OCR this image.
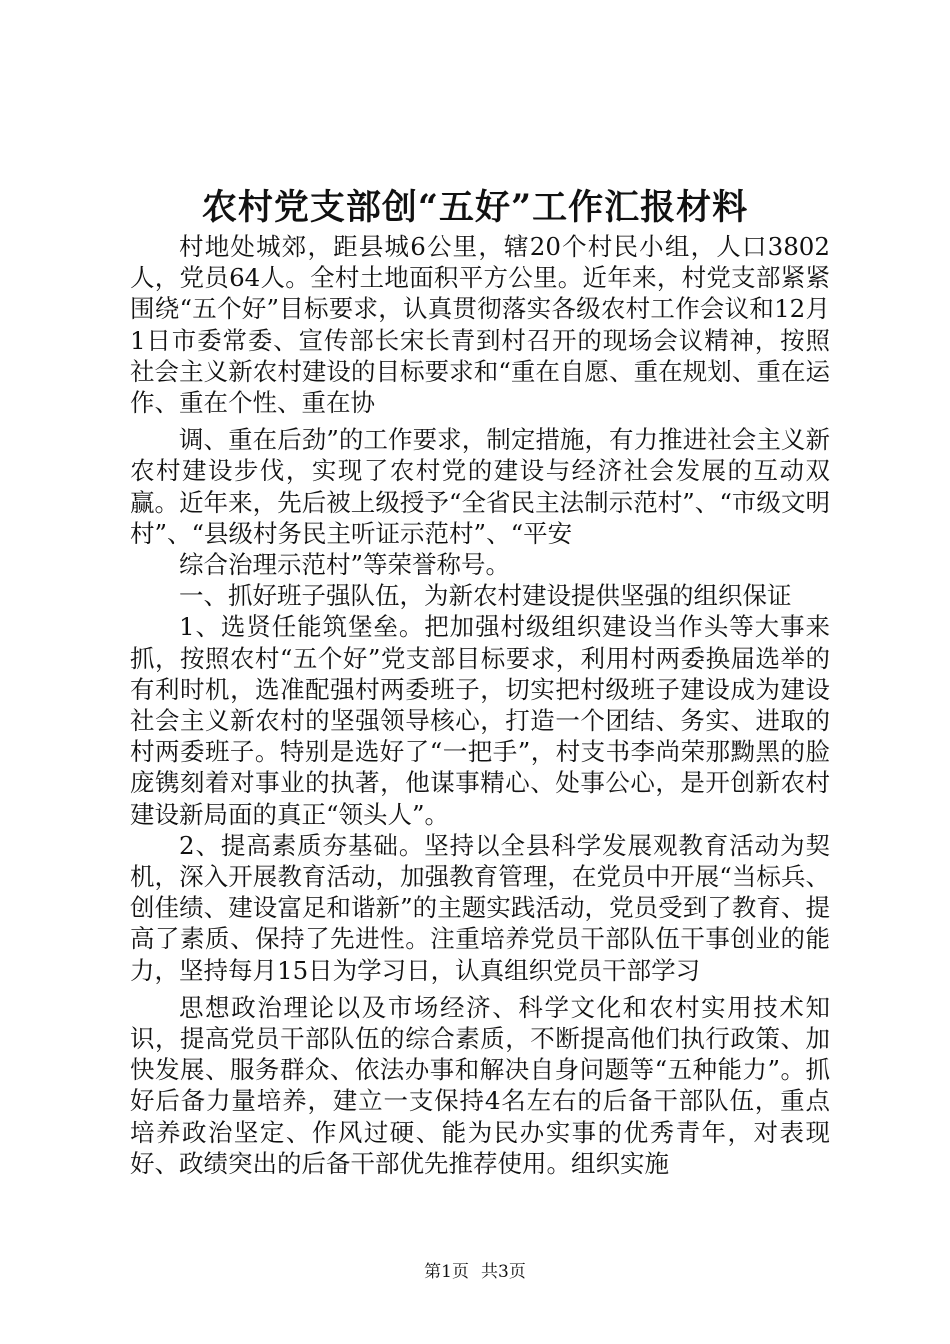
农村党支部创“五好”工作汇报材料

村地处城郊，距县城6公里，辖20个村民小组，人口3802人，党员64人。全村土地面积平方公里。近年来，村党支部紧紧围绕“五个好”目标要求，认真贯彻落实各级农村工作会议和12月1日市委常委、宣传部长宋长青到村召开的现场会议精神，按照社会主义新农村建设的目标要求和“重在自愿、重在规划、重在运作、重在个性、重在协

调、重在后劲”的工作要求，制定措施，有力推进社会主义新农村建设步伐，实现了农村党的建设与经济社会发展的互动双赢。近年来，先后被上级授予“全省民主法制示范村”、“市级文明村”、“县级村务民主听证示范村”、“平安

综合治理示范村”等荣誉称号。

一、抓好班子强队伍，为新农村建设提供坚强的组织保证

1、选贤任能筑堡垒。把加强村级组织建设当作头等大事来抓，按照农村“五个好”党支部目标要求，利用村两委换届选举的有利时机，选准配强村两委班子，切实把村级班子建设成为建设社会主义新农村的坚强领导核心，打造一个团结、务实、进取的村两委班子。特别是选好了“一把手”，村支书李尚荣那黝黑的脸庞镌刻着对事业的执著，他谋事精心、处事公心，是开创新农村建设新局面的真正“领头人”。

2、提高素质夯基础。坚持以全县科学发展观教育活动为契机，深入开展教育活动，加强教育管理，在党员中开展“当标兵、创佳绩、建设富足和谐新”的主题实践活动，党员受到了教育、提高了素质、保持了先进性。注重培养党员干部队伍干事创业的能力，坚持每月15日为学习日，认真组织党员干部学习

思想政治理论以及市场经济、科学文化和农村实用技术知识，提高党员干部队伍的综合素质，不断提高他们执行政策、加快发展、服务群众、依法办事和解决自身问题等“五种能力”。抓好后备力量培养，建立一支保持4名左右的后备干部队伍，重点培养政治坚定、作风过硬、能为民办实事的优秀青年，对表现好、政绩突出的后备干部优先推荐使用。组织实施

第1页 共3页
